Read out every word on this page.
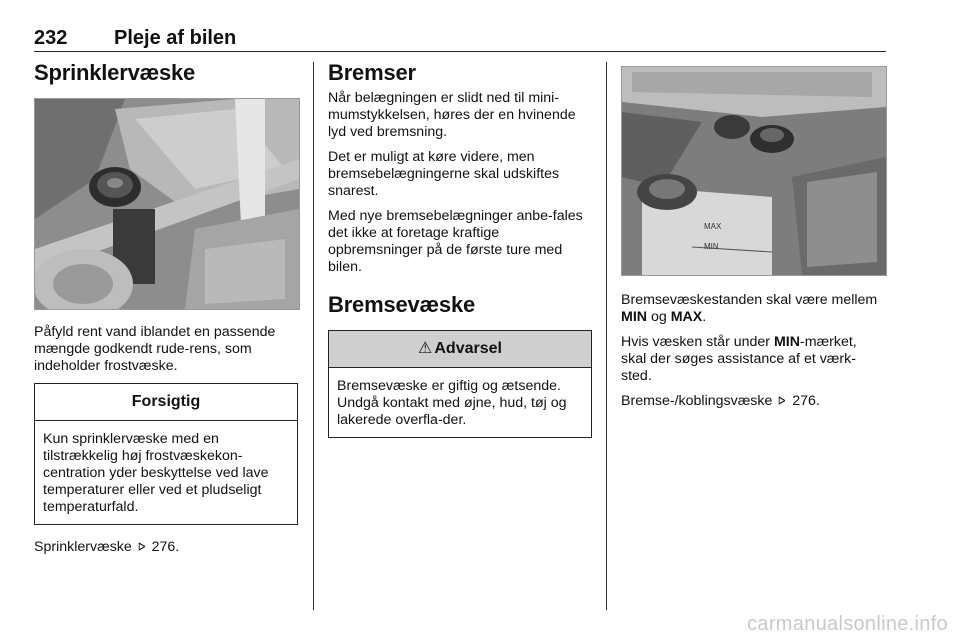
232 Pleje af bilen
Sprinklervæske

Påfyld rent vand iblandet en passende mængde godkendt rude-rens, som indeholder frostvæske.

Forsigtig

Kun sprinklervæske med en tilstrækkelig høj frostvæskekon-centration yder beskyttelse ved lave temperaturer eller ved et pludseligt temperaturfald.

Sprinklervæske ⊳ 276.

Bremser

Når belægningen er slidt ned til mini-mumstykkelsen, høres der en hvinende lyd ved bremsning.

Det er muligt at køre videre, men bremsebelægningerne skal udskiftes snarest.

Med nye bremsebelægninger anbe-fales det ikke at foretage kraftige opbremsninger på de første ture med bilen.

Bremsevæske
⚠ Advarsel

Bremsevæske er giftig og ætsende. Undgå kontakt med øjne, hud, tøj og lakerede overfla-der.

MAX
MIN

Bremsevæskestanden skal være mellem MIN og MAX.

Hvis væsken står under MIN-mærket, skal der søges assistance af et værk-sted.

Bremse-/koblingsvæske ⊳ 276.

carmanualsonline.info
